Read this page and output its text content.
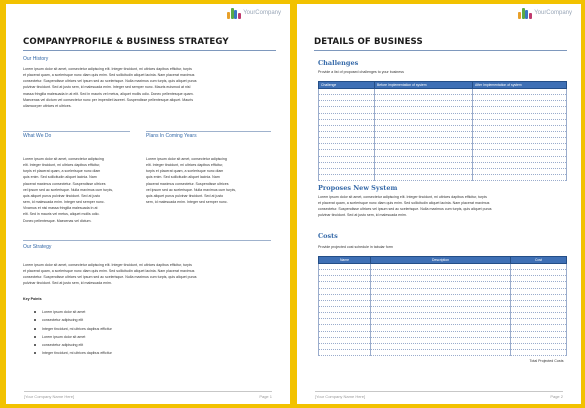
YourCompany
COMPANYPROFILE & BUSINESS STRATEGY
Our History
Lorem ipsum dolor sit amet, consectetur adipiscing elit. Integer tincidunt, mi ultrices dapibus efficitur, turpis
et placerat quam, a scelerisque nunc diam quis enim. Sed sollicitudin aliquet lacinia. Nam placerat maximus
consectetur. Suspendisse ultrices vel ipsum sed ac scelerisque. Nulla maximus cum turpis, quis aliquet purus
pulvinar tincidunt. Sed at justo sem, id malesuada enim. Integer sed semper nunc. Mauris euismod at nisl
massa fringilla malesuada in at elit. Sed in mauris vel metus, aliquet mollis odio. Donec pellentesque quam.
Maecenas vel dictum vel consectetur nunc per imperdiet laoreet. Suspendisse pellentesque aliquet. Mauris
ullamcorper ultrices et ultrices.
What We Do	Plans In Coming Years
Lorem ipsum dolor sit amet, consectetur adipiscing
elit. Integer tincidunt, mi ultrices dapibus efficitur,
turpis et placerat quam, a scelerisque nunc diam
quis enim. Sed sollicitudin aliquet lacinia. Nam
placerat maximus consectetur. Suspendisse ultrices
vel ipsum sed ac scelerisque. Nulla maximus cum turpis,
quis aliquet purus pulvinar tincidunt. Sed at justo
sem, id malesuada enim. Integer sed semper nunc.
Vivamus et nisl massa fringilla malesuada in at
elit. Sed in mauris vel metus, aliquet mollis odio.
Donec pellentesque. Maecenas vel dictum.
Lorem ipsum dolor sit amet, consectetur adipiscing
elit. Integer tincidunt, mi ultrices dapibus efficitur,
turpis et placerat quam, a scelerisque nunc diam
quis enim. Sed sollicitudin aliquet lacinia. Nam
placerat maximus consectetur. Suspendisse ultrices
vel ipsum sed ac scelerisque. Nulla maximus cum turpis,
quis aliquet purus pulvinar tincidunt. Sed at justo
sem, id malesuada enim. Integer sed semper nunc.
Our Strategy
Lorem ipsum dolor sit amet, consectetur adipiscing elit. Integer tincidunt, mi ultrices dapibus efficitur, turpis
et placerat quam, a scelerisque nunc diam quis enim. Sed sollicitudin aliquet lacinia. Nam placerat maximus
consectetur. Suspendisse ultrices vel ipsum sed ac scelerisque. Nulla maximus cum turpis, quis aliquet purus
pulvinar tincidunt. Sed at justo sem, id malesuada enim.
Key Points
Lorem ipsum dolor sit amet
consectetur adipiscing elit
Integer tincidunt, mi ultrices dapibus efficitur
Lorem ipsum dolor sit amet
consectetur adipiscing elit
Integer tincidunt, mi ultrices dapibus efficitur
[Your Company Name Here]	Page 1
YourCompany
DETAILS OF BUSINESS
Challenges
Provide a list of proposed challenges to your business
Challenge	Before Implementation of system	After Implementation of system

Proposes New System
Lorem ipsum dolor sit amet, consectetur adipiscing elit. Integer tincidunt, mi ultrices dapibus efficitur, turpis
et placerat quam, a scelerisque nunc diam quis enim. Sed sollicitudin aliquet lacinia. Nam placerat maximus
consectetur. Suspendisse ultrices vel ipsum sed ac scelerisque. Nulla maximus cum turpis, quis aliquet purus
pulvinar tincidunt. Sed at justo sem, id malesuada enim.
Costs
Provide projected cost schedule in tabular form
Name	Description	Cost

Total Projected Costs		
[Your Company Name Here]	Page 2
